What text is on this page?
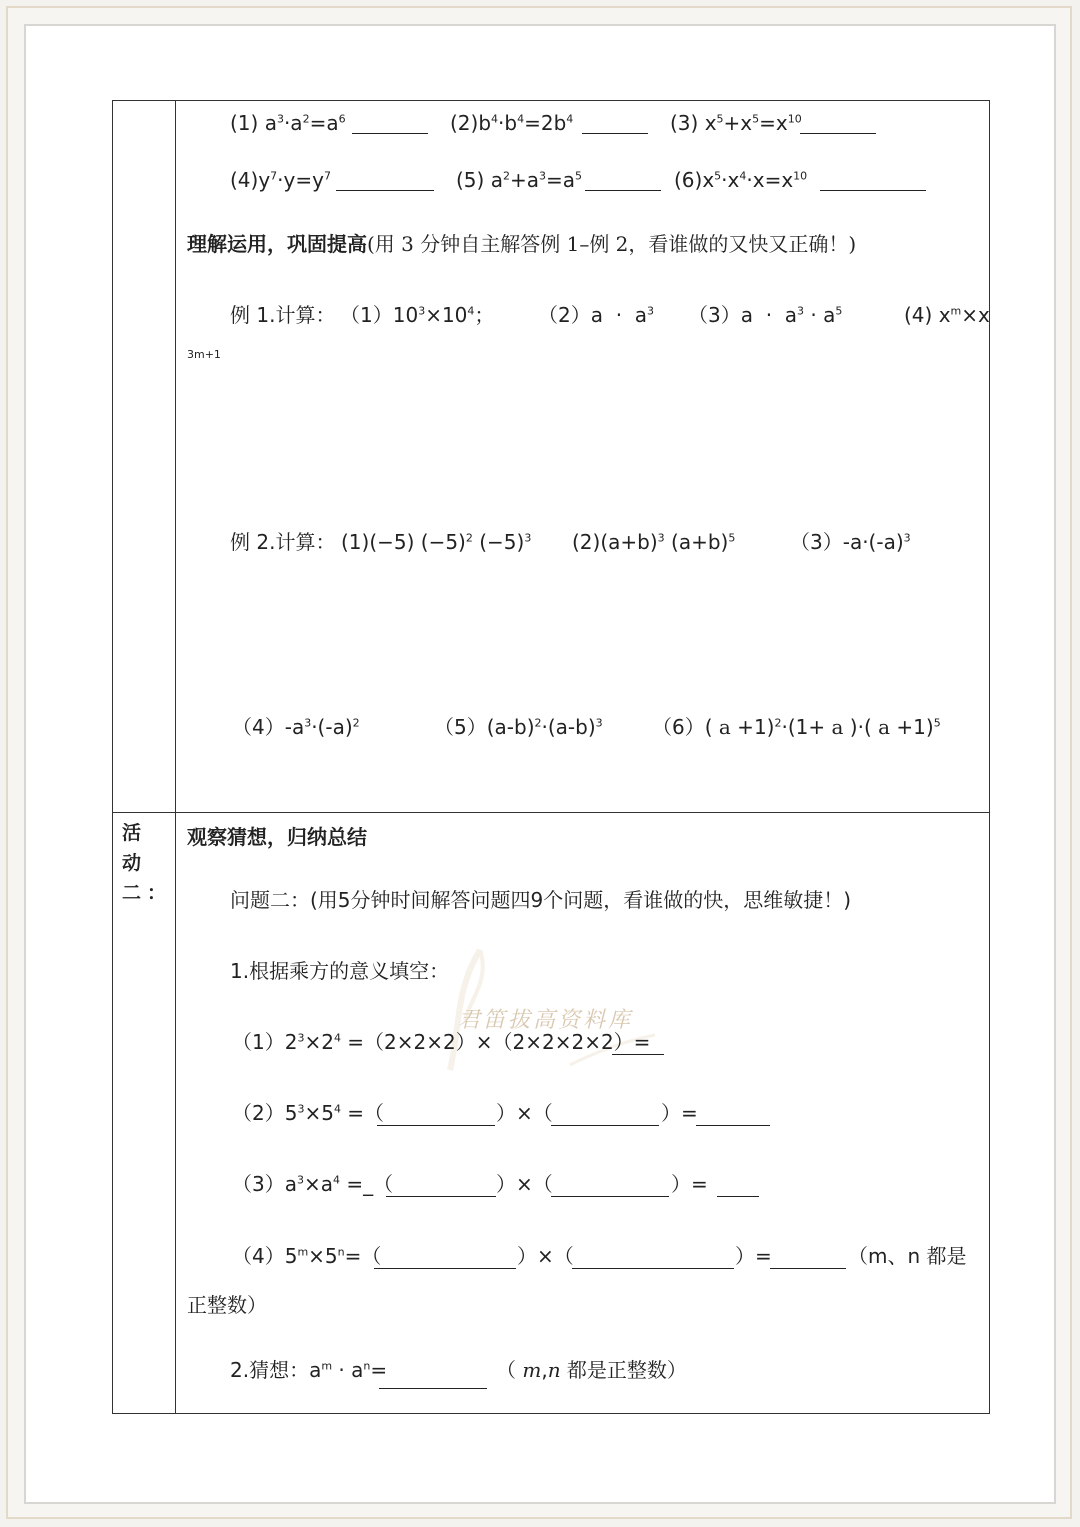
(1) $a^3\cdot a^2=a^6$	$(2)b^4\cdot b^4=2b^4$	(3) $x^5+x^5=x^{10}$
$(4)y^7\cdot y=y^7$	(5) $a^2+a^3=a^5$	$(6)x^5\cdot x^4\cdot x=x^{10}$
理解运用，巩固提高(用 3 分钟自主解答例 1–例 2，看谁做的又快又正确！)
例 1.计算： $(1)10^3\times 10^4$； $(2)a \cdot a^3$ $(3)a \cdot a^3 \cdot a^5$	(4) $x^m\times x$
3m+1
例 2.计算： (1)(−5) $(-5)^2$ $(-5)^3$ $(2)(a+b)^3$ $(a+b)^5$	$(3)-a\cdot(-a)^3$
$(4)-a^3\cdot(-a)^2$	$(5)(a-b)^2\cdot(a-b)^3$ （6）( a +1)$^2$·(1+ a )·( a +1)$^5$
活 动 二：
观察猜想，归纳总结
问题二：(用5分钟时间解答问题四9个问题，看谁做的快，思维敏捷！)
1.根据乘方的意义填空：
君笛拔高资料库
$(1)2^3\times 2^4 =(2\times 2\times 2)\times(2\times 2\times 2\times 2)=$
$(2)5^3\times 5^4$ =（	）×（	）=
$(3)a^3\times a^4$ =_（	）×（	）=
$(4)5^m\times 5^n=$（	）×（	）=	（m、n 都是
正整数）
2.猜想：$a^m \cdot a^n=$	（ m,n 都是正整数）
